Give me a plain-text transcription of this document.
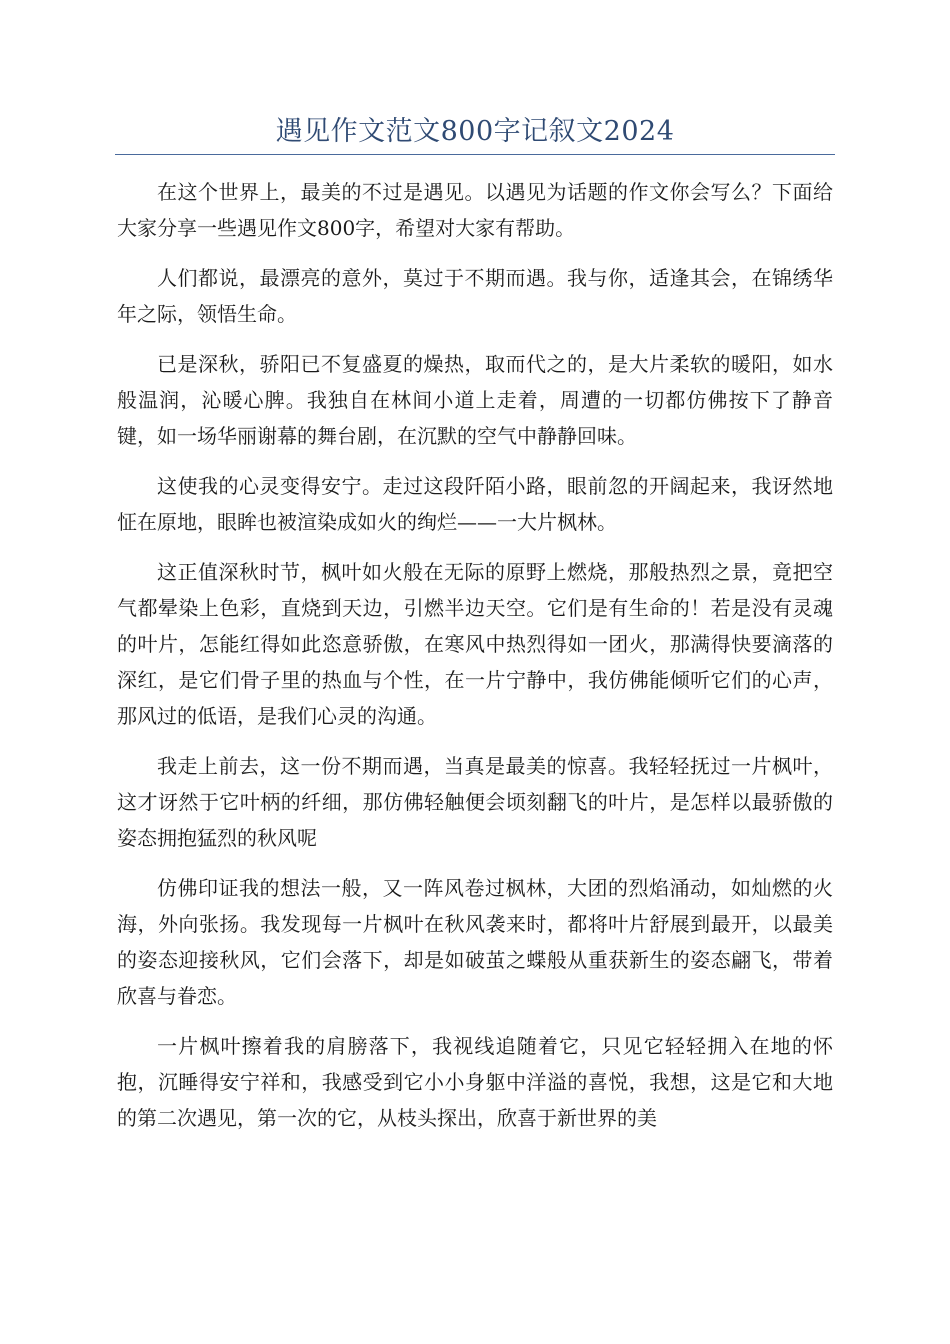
遇见作文范文800字记叙文2024

在这个世界上，最美的不过是遇见。以遇见为话题的作文你会写么？下面给大家分享一些遇见作文800字，希望对大家有帮助。

人们都说，最漂亮的意外，莫过于不期而遇。我与你，适逢其会，在锦绣华年之际，领悟生命。

已是深秋，骄阳已不复盛夏的燥热，取而代之的，是大片柔软的暖阳，如水般温润，沁暖心脾。我独自在林间小道上走着，周遭的一切都仿佛按下了静音键，如一场华丽谢幕的舞台剧，在沉默的空气中静静回味。

这使我的心灵变得安宁。走过这段阡陌小路，眼前忽的开阔起来，我讶然地怔在原地，眼眸也被渲染成如火的绚烂——一大片枫林。

这正值深秋时节，枫叶如火般在无际的原野上燃烧，那般热烈之景，竟把空气都晕染上色彩，直烧到天边，引燃半边天空。它们是有生命的！若是没有灵魂的叶片，怎能红得如此恣意骄傲，在寒风中热烈得如一团火，那满得快要滴落的深红，是它们骨子里的热血与个性，在一片宁静中，我仿佛能倾听它们的心声，那风过的低语，是我们心灵的沟通。

我走上前去，这一份不期而遇，当真是最美的惊喜。我轻轻抚过一片枫叶，这才讶然于它叶柄的纤细，那仿佛轻触便会顷刻翻飞的叶片，是怎样以最骄傲的姿态拥抱猛烈的秋风呢

仿佛印证我的想法一般，又一阵风卷过枫林，大团的烈焰涌动，如灿燃的火海，外向张扬。我发现每一片枫叶在秋风袭来时，都将叶片舒展到最开，以最美的姿态迎接秋风，它们会落下，却是如破茧之蝶般从重获新生的姿态翩飞，带着欣喜与眷恋。

一片枫叶擦着我的肩膀落下，我视线追随着它，只见它轻轻拥入在地的怀抱，沉睡得安宁祥和，我感受到它小小身躯中洋溢的喜悦，我想，这是它和大地的第二次遇见，第一次的它，从枝头探出，欣喜于新世界的美
